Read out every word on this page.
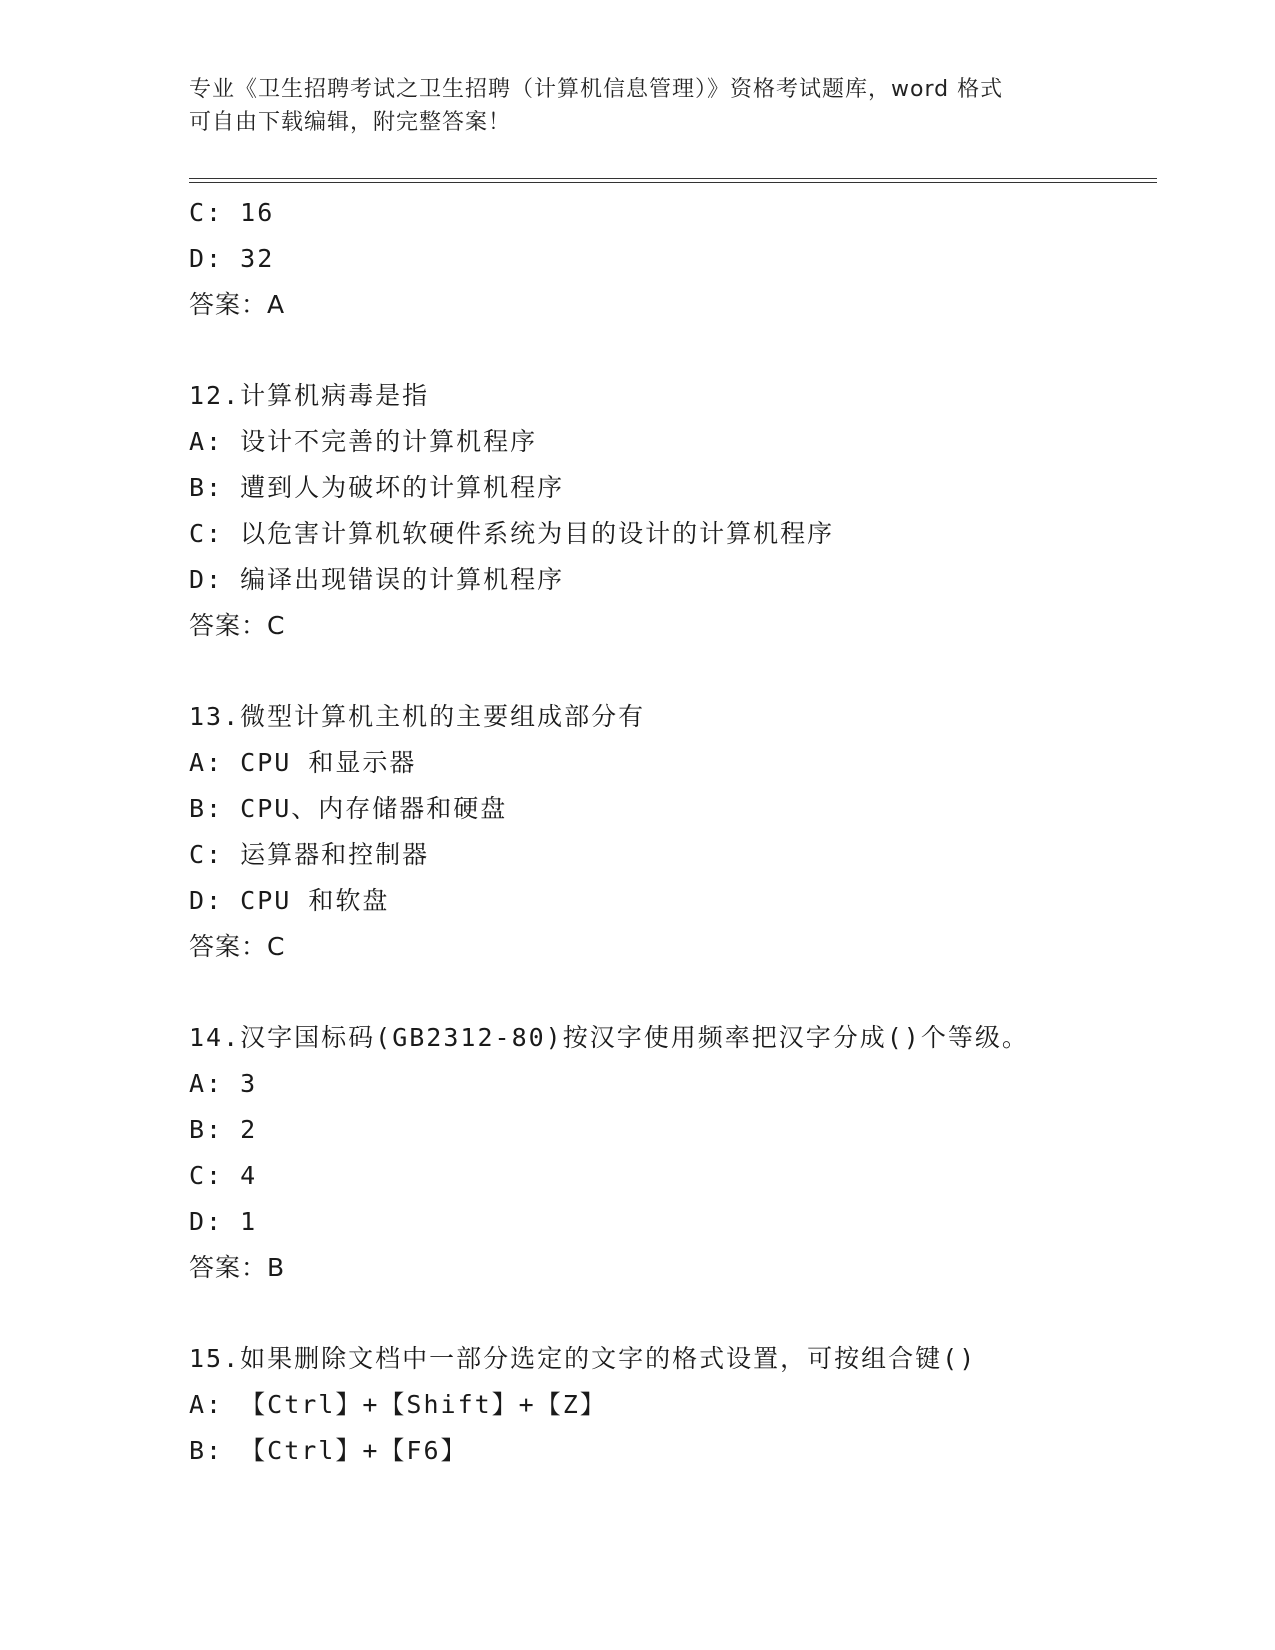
专业《卫生招聘考试之卫生招聘（计算机信息管理）》资格考试题库，word 格式
可自由下载编辑，附完整答案！
C: 16
D: 32
答案：A
12.计算机病毒是指
A: 设计不完善的计算机程序
B: 遭到人为破坏的计算机程序
C: 以危害计算机软硬件系统为目的设计的计算机程序
D: 编译出现错误的计算机程序
答案：C
13.微型计算机主机的主要组成部分有
A: CPU 和显示器
B: CPU、内存储器和硬盘
C: 运算器和控制器
D: CPU 和软盘
答案：C
14.汉字国标码(GB2312-80)按汉字使用频率把汉字分成()个等级。
A: 3
B: 2
C: 4
D: 1
答案：B
15.如果删除文档中一部分选定的文字的格式设置，可按组合键()
A: 【Ctrl】+【Shift】+【Z】
B: 【Ctrl】+【F6】
